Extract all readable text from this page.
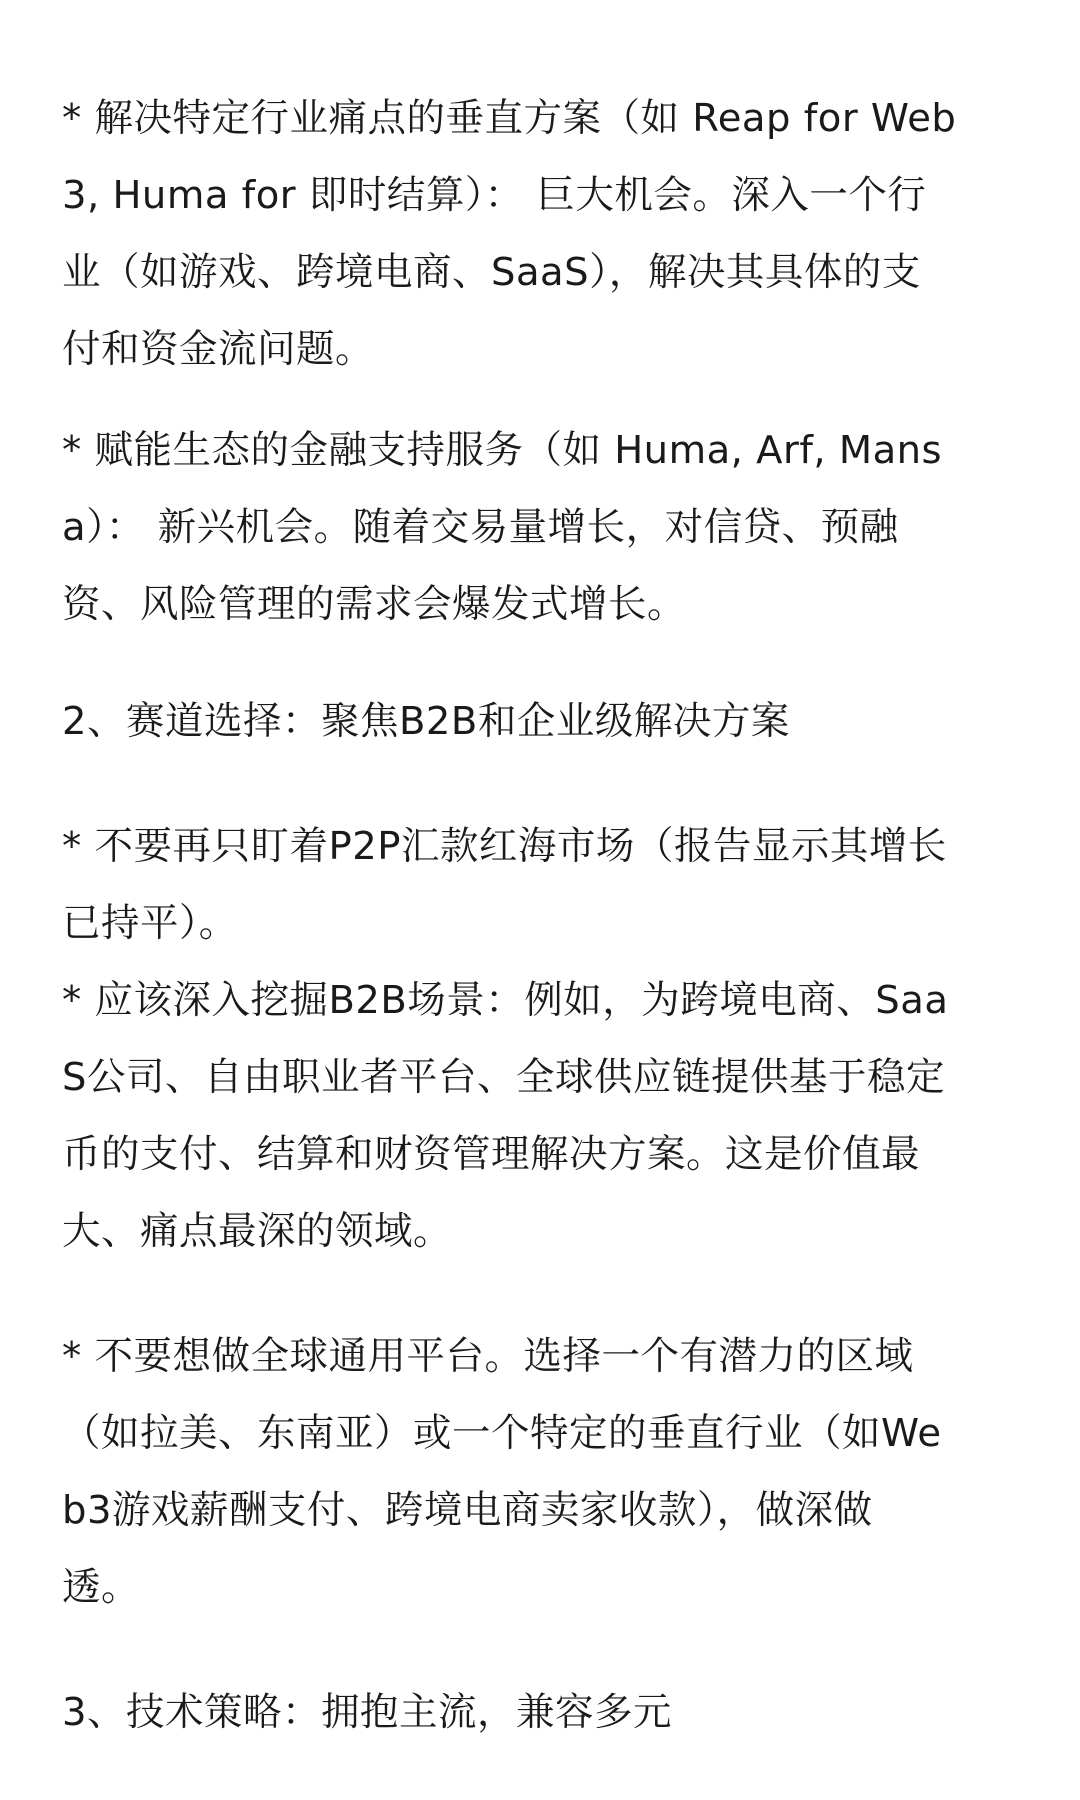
* 解决特定行业痛点的垂直方案（如 Reap for Web
3, Huma for 即时结算）： 巨大机会。深入一个行
业（如游戏、跨境电商、SaaS），解决其具体的支
付和资金流问题。
* 赋能生态的金融支持服务（如 Huma, Arf, Mans
a）： 新兴机会。随着交易量增长，对信贷、预融
资、风险管理的需求会爆发式增长。
2、赛道选择：聚焦B2B和企业级解决方案
* 不要再只盯着P2P汇款红海市场（报告显示其增长
已持平）。
* 应该深入挖掘B2B场景：例如，为跨境电商、Saa
S公司、自由职业者平台、全球供应链提供基于稳定
币的支付、结算和财资管理解决方案。这是价值最
大、痛点最深的领域。
* 不要想做全球通用平台。选择一个有潜力的区域
（如拉美、东南亚）或一个特定的垂直行业（如We
b3游戏薪酬支付、跨境电商卖家收款），做深做
透。
3、技术策略：拥抱主流，兼容多元
